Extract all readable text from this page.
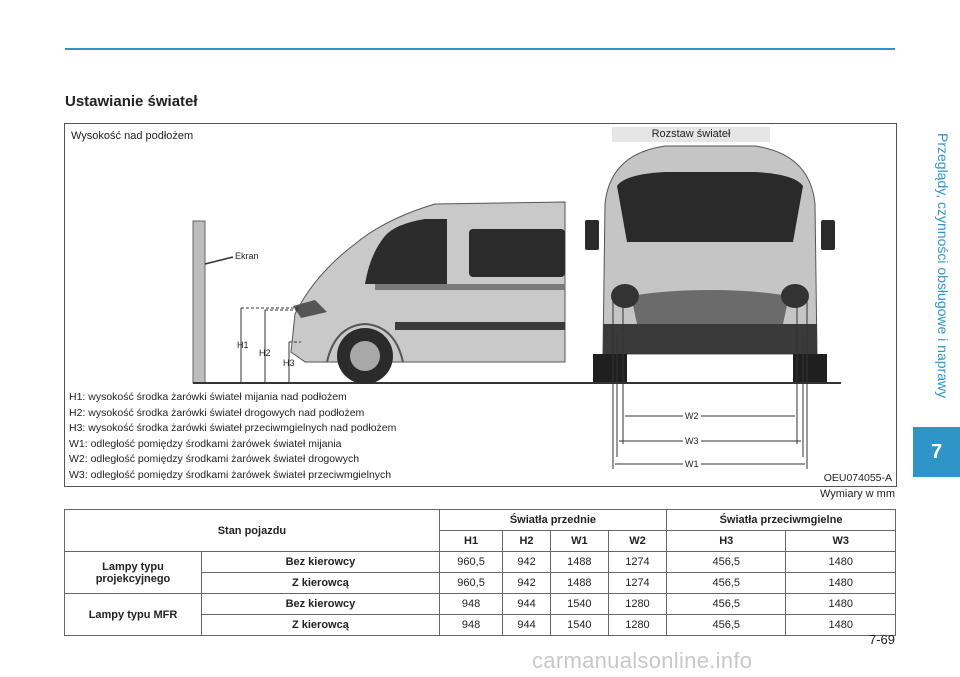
Ustawianie świateł
Wysokość nad podłożem	Rozstaw świateł
Ekran
H1
H2
H3
W2
W3
W1
H1: wysokość środka żarówki świateł mijania nad podłożem
H2: wysokość środka żarówki świateł drogowych nad podłożem
H3: wysokość środka żarówki świateł przeciwmgielnych nad podłożem
W1: odległość pomiędzy środkami żarówek świateł mijania
W2: odległość pomiędzy środkami żarówek świateł drogowych
W3: odległość pomiędzy środkami żarówek świateł przeciwmgielnych	OEU074055-A
Wymiary w mm
Stan pojazdu		Światła przednie				Światła przeciwmgielne	
		H1	H2	W1	W2	H3	W3
Lampy typu projekcyjnego	Bez kierowcy	960,5	942	1488	1274	456,5	1480
	Z kierowcą	960,5	942	1488	1274	456,5	1480
Lampy typu MFR	Bez kierowcy	948	944	1540	1280	456,5	1480
	Z kierowcą	948	944	1540	1280	456,5	1480
Przeglądy, czynności obsługowe i naprawy
7
7-69
carmanualsonline.info
